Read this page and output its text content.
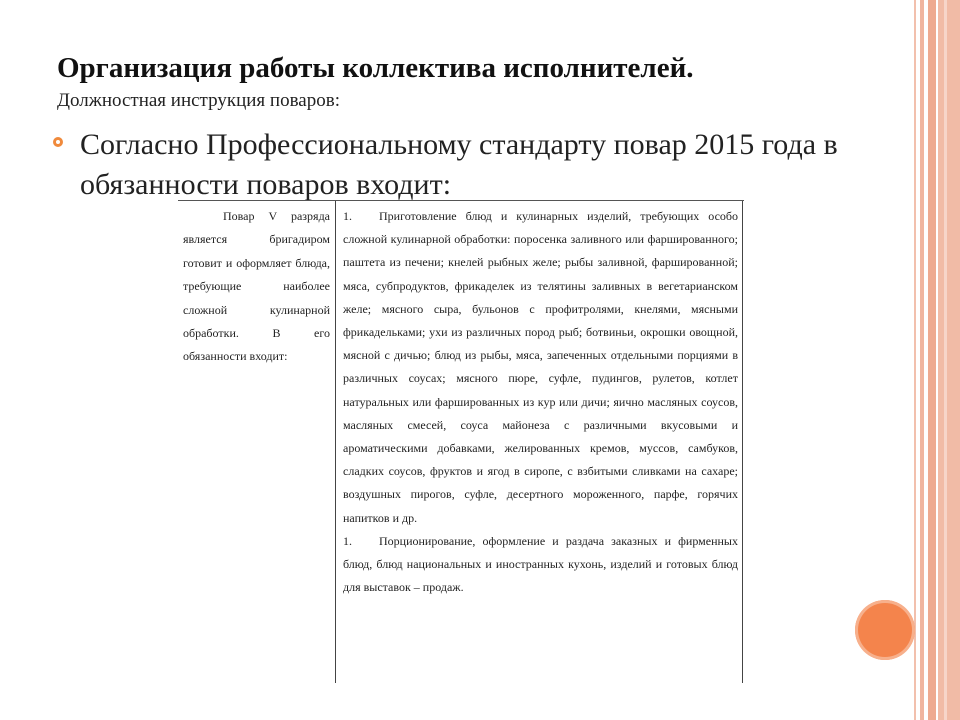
Организация работы коллектива исполнителей.
Должностная инструкция поваров:
Согласно Профессиональному стандарту повар 2015 года в обязанности поваров входит:
Повар V разряда является бригадиром готовит и оформляет блюда, требующие наиболее сложной кулинарной обработки. В его обязанности входит:

1. Приготовление блюд и кулинарных изделий, требующих особо сложной кулинарной обработки: поросенка заливного или фаршированного; паштета из печени; кнелей рыбных желе; рыбы заливной, фаршированной; мяса, субпродуктов, фрикаделек из телятины заливных в вегетарианском желе; мясного сыра, бульонов с профитролями, кнелями, мясными фрикадельками; ухи из различных пород рыб; ботвиньи, окрошки овощной, мясной с дичью; блюд из рыбы, мяса, запеченных отдельными порциями в различных соусах; мясного пюре, суфле, пудингов, рулетов, котлет натуральных или фаршированных из кур или дичи; яично масляных соусов, масляных смесей, соуса майонеза с различными вкусовыми и ароматическими добавками, желированных кремов, муссов, самбуков, сладких соусов, фруктов и ягод в сиропе, с взбитыми сливками на сахаре; воздушных пирогов, суфле, десертного мороженного, парфе, горячих напитков и др.

1. Порционирование, оформление и раздача заказных и фирменных блюд, блюд национальных и иностранных кухонь, изделий и готовых блюд для выставок – продаж.
